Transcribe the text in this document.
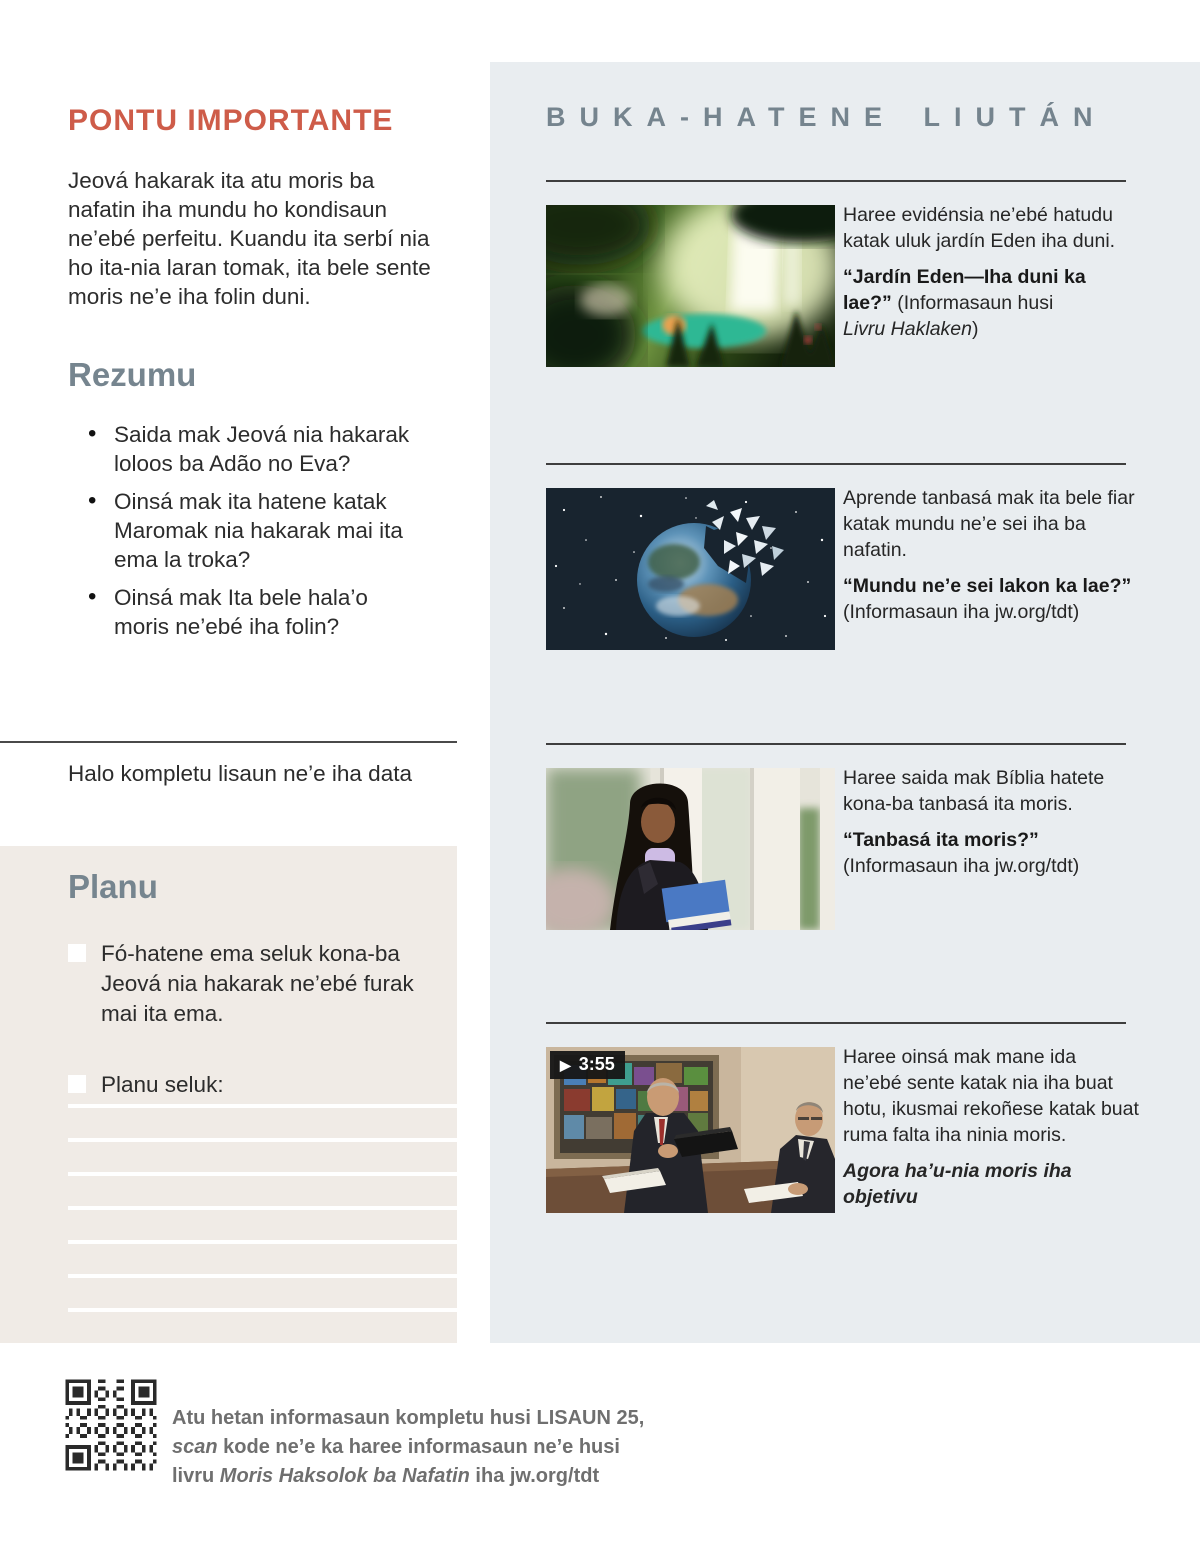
PONTU IMPORTANTE

Jeová hakarak ita atu moris ba nafatin iha mundu ho kondisaun ne’ebé perfeitu. Kuandu ita serbí nia ho ita-nia laran tomak, ita bele sente moris ne’e iha folin duni.

Rezumu
• Saida mak Jeová nia hakarak loloos ba Adão no Eva?
• Oinsá mak ita hatene katak Maromak nia hakarak mai ita ema la troka?
• Oinsá mak Ita bele hala’o moris ne’ebé iha folin?

Halo kompletu lisaun ne’e iha data

Planu

Fó-hatene ema seluk kona-ba Jeová nia hakarak ne’ebé furak mai ita ema.

Planu seluk:

BUKA-HATENE LIUTÁN
▶ 3:55

Haree evidénsia ne’ebé hatudu katak uluk jardín Eden iha duni.

“Jardín Eden—Iha duni ka lae?” (Informasaun husi Livru Haklaken)

Aprende tanbasá mak ita bele fiar katak mundu ne’e sei iha ba nafatin.

“Mundu ne’e sei lakon ka lae?” (Informasaun iha jw.org/tdt)

Haree saida mak Bíblia hatete kona-ba tanbasá ita moris.

“Tanbasá ita moris?” (Informasaun iha jw.org/tdt)

Haree oinsá mak mane ida ne’ebé sente katak nia iha buat hotu, ikusmai rekoñese katak buat ruma falta iha ninia moris.

Agora ha’u-nia moris iha objetivu

Atu hetan informasaun kompletu husi LISAUN 25, scan kode ne’e ka haree informasaun ne’e husi livru Moris Haksolok ba Nafatin iha jw.org/tdt
